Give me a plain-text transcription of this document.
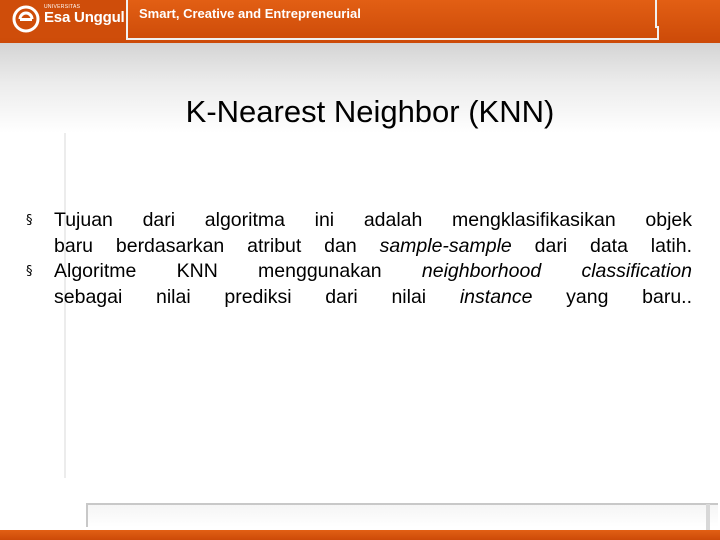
UNIVERSITAS
Esa Unggul Smart, Creative and Entrepreneurial
K-Nearest Neighbor (KNN)
§ Tujuan dari algoritma ini adalah mengklasifikasikan objek
baru berdasarkan atribut dan sample-sample dari data latih.
§ Algoritme KNN menggunakan neighborhood classification
sebagai nilai prediksi dari nilai instance yang baru..
